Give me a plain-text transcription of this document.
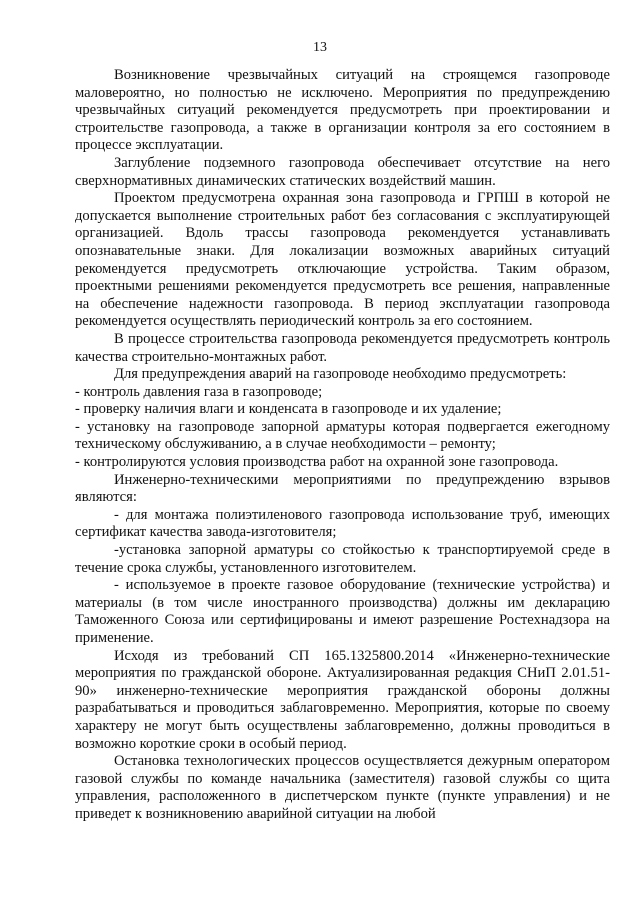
13

Возникновение чрезвычайных ситуаций на строящемся газопроводе маловероятно, но полностью не исключено. Мероприятия по предупреждению чрезвычайных ситуаций рекомендуется предусмотреть при проектировании и строительстве газопровода, а также в организации контроля за его состоянием в процессе эксплуатации.

Заглубление подземного газопровода обеспечивает отсутствие на него сверхнормативных динамических статических воздействий машин.

Проектом предусмотрена охранная зона газопровода и ГРПШ в которой не допускается выполнение строительных работ без согласования с эксплуатирующей организацией. Вдоль трассы газопровода рекомендуется устанавливать опознавательные знаки. Для локализации возможных аварийных ситуаций рекомендуется предусмотреть отключающие устройства. Таким образом, проектными решениями рекомендуется предусмотреть все решения, направленные на обеспечение надежности газопровода. В период эксплуатации газопровода рекомендуется осуществлять периодический контроль за его состоянием.

В процессе строительства газопровода рекомендуется предусмотреть контроль качества строительно-монтажных работ.

Для предупреждения аварий на газопроводе необходимо предусмотреть:

- контроль давления газа в газопроводе;

- проверку наличия влаги и конденсата в газопроводе и их удаление;

- установку на газопроводе запорной арматуры которая подвергается ежегодному техническому обслуживанию, а в случае необходимости – ремонту;

- контролируются условия производства работ на охранной зоне газопровода.

Инженерно-техническими мероприятиями по предупреждению взрывов являются:

- для монтажа полиэтиленового газопровода использование труб, имеющих сертификат качества завода-изготовителя;

-установка запорной арматуры со стойкостью к транспортируемой среде в течение срока службы, установленного изготовителем.

- используемое в проекте газовое оборудование (технические устройства) и материалы (в том числе иностранного производства) должны им декларацию Таможенного Союза или сертифицированы и имеют разрешение Ростехнадзора на применение.

Исходя из требований СП 165.1325800.2014 «Инженерно-технические мероприятия по гражданской обороне. Актуализированная редакция СНиП 2.01.51-90» инженерно-технические мероприятия гражданской обороны должны разрабатываться и проводиться заблаговременно. Мероприятия, которые по своему характеру не могут быть осуществлены заблаговременно, должны проводиться в возможно короткие сроки в особый период.

Остановка технологических процессов осуществляется дежурным оператором газовой службы по команде начальника (заместителя) газовой службы со щита управления, расположенного в диспетчерском пункте (пункте управления) и не приведет к возникновению аварийной ситуации на любой
